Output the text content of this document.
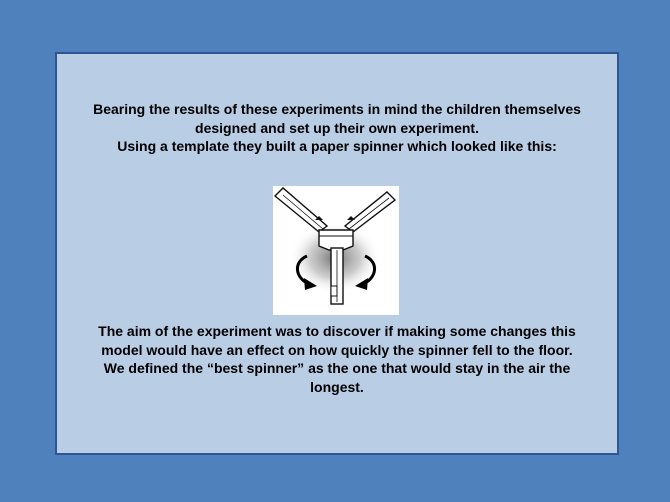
Bearing the results of these experiments in mind the children themselves

designed and set up their own experiment.

Using a template they built a paper spinner which looked like this:

The aim of the experiment was to discover if making some changes this

model would have an effect on how quickly the spinner fell to the floor.

We defined the “best spinner” as the one that would stay in the air the

longest.
